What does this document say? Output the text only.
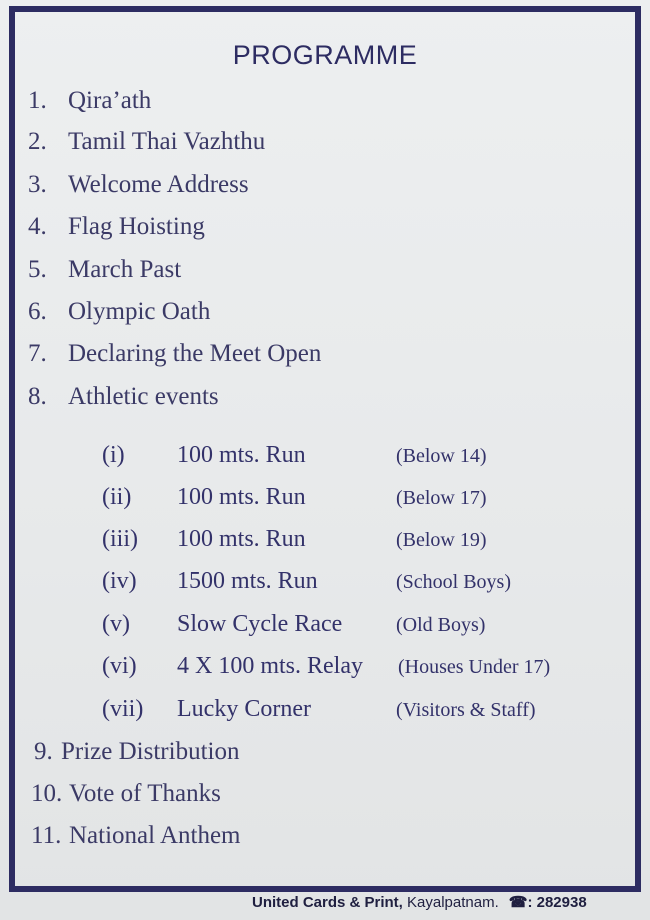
PROGRAMME
1. Qira’ath
2. Tamil Thai Vazhthu
3. Welcome Address
4. Flag Hoisting
5. March Past
6. Olympic Oath
7. Declaring the Meet Open
8. Athletic events
(i) 100 mts. Run	(Below 14)
(ii) 100 mts. Run	(Below 17)
(iii) 100 mts. Run	(Below 19)
(iv) 1500 mts. Run	(School Boys)
(v) Slow Cycle Race	(Old Boys)
(vi) 4 X 100 mts. Relay (Houses Under 17)
(vii) Lucky Corner	(Visitors & Staff)
9. Prize Distribution
10. Vote of Thanks
11. National Anthem
United Cards & Print, Kayalpatnam. ☎: 282938
